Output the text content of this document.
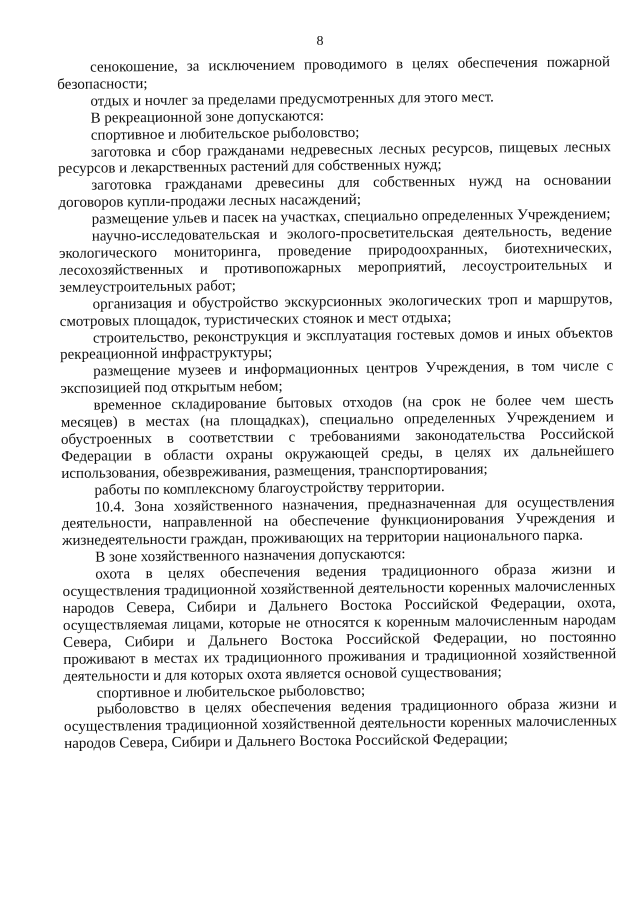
8

сенокошение, за исключением проводимого в целях обеспечения пожарной безопасности;

отдых и ночлег за пределами предусмотренных для этого мест.

В рекреационной зоне допускаются:

спортивное и любительское рыболовство;

заготовка и сбор гражданами недревесных лесных ресурсов, пищевых лесных ресурсов и лекарственных растений для собственных нужд;

заготовка гражданами древесины для собственных нужд на основании договоров купли-продажи лесных насаждений;

размещение ульев и пасек на участках, специально определенных Учреждением;

научно-исследовательская и эколого-просветительская деятельность, ведение экологического мониторинга, проведение природоохранных, биотехнических, лесохозяйственных и противопожарных мероприятий, лесоустроительных и землеустроительных работ;

организация и обустройство экскурсионных экологических троп и маршрутов, смотровых площадок, туристических стоянок и мест отдыха;

строительство, реконструкция и эксплуатация гостевых домов и иных объектов рекреационной инфраструктуры;

размещение музеев и информационных центров Учреждения, в том числе с экспозицией под открытым небом;

временное складирование бытовых отходов (на срок не более чем шесть месяцев) в местах (на площадках), специально определенных Учреждением и обустроенных в соответствии с требованиями законодательства Российской Федерации в области охраны окружающей среды, в целях их дальнейшего использования, обезвреживания, размещения, транспортирования;

работы по комплексному благоустройству территории.

10.4. Зона хозяйственного назначения, предназначенная для осуществления деятельности, направленной на обеспечение функционирования Учреждения и жизнедеятельности граждан, проживающих на территории национального парка.

В зоне хозяйственного назначения допускаются:

охота в целях обеспечения ведения традиционного образа жизни и осуществления традиционной хозяйственной деятельности коренных малочисленных народов Севера, Сибири и Дальнего Востока Российской Федерации, охота, осуществляемая лицами, которые не относятся к коренным малочисленным народам Севера, Сибири и Дальнего Востока Российской Федерации, но постоянно проживают в местах их традиционного проживания и традиционной хозяйственной деятельности и для которых охота является основой существования;

спортивное и любительское рыболовство;

рыболовство в целях обеспечения ведения традиционного образа жизни и осуществления традиционной хозяйственной деятельности коренных малочисленных народов Севера, Сибири и Дальнего Востока Российской Федерации;
